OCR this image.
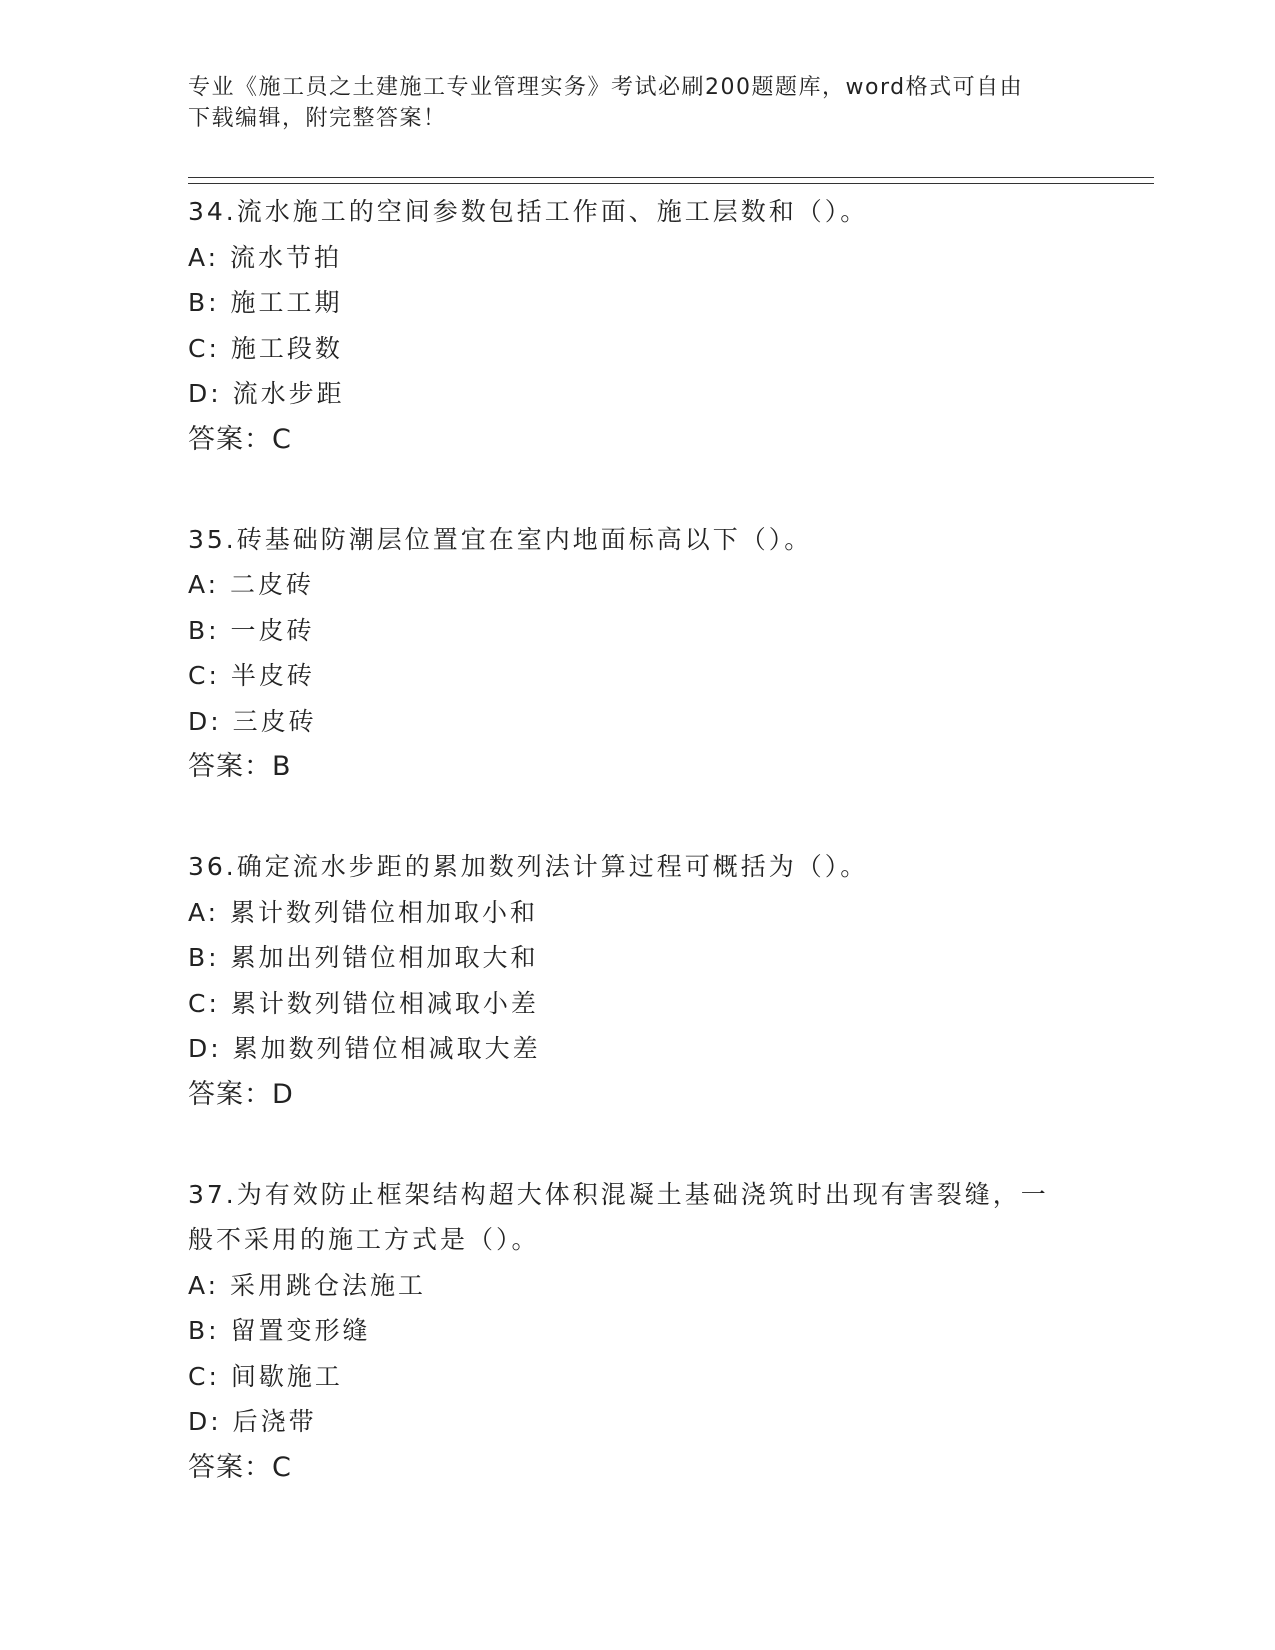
专业《施工员之土建施工专业管理实务》考试必刷200题题库，word格式可自由
下载编辑，附完整答案！
34.流水施工的空间参数包括工作面、施工层数和（）。
A: 流水节拍
B: 施工工期
C: 施工段数
D: 流水步距
答案：C
35.砖基础防潮层位置宜在室内地面标高以下（）。
A: 二皮砖
B: 一皮砖
C: 半皮砖
D: 三皮砖
答案：B
36.确定流水步距的累加数列法计算过程可概括为（）。
A: 累计数列错位相加取小和
B: 累加出列错位相加取大和
C: 累计数列错位相减取小差
D: 累加数列错位相减取大差
答案：D
37.为有效防止框架结构超大体积混凝土基础浇筑时出现有害裂缝，一
般不采用的施工方式是（）。
A: 采用跳仓法施工
B: 留置变形缝
C: 间歇施工
D: 后浇带
答案：C
